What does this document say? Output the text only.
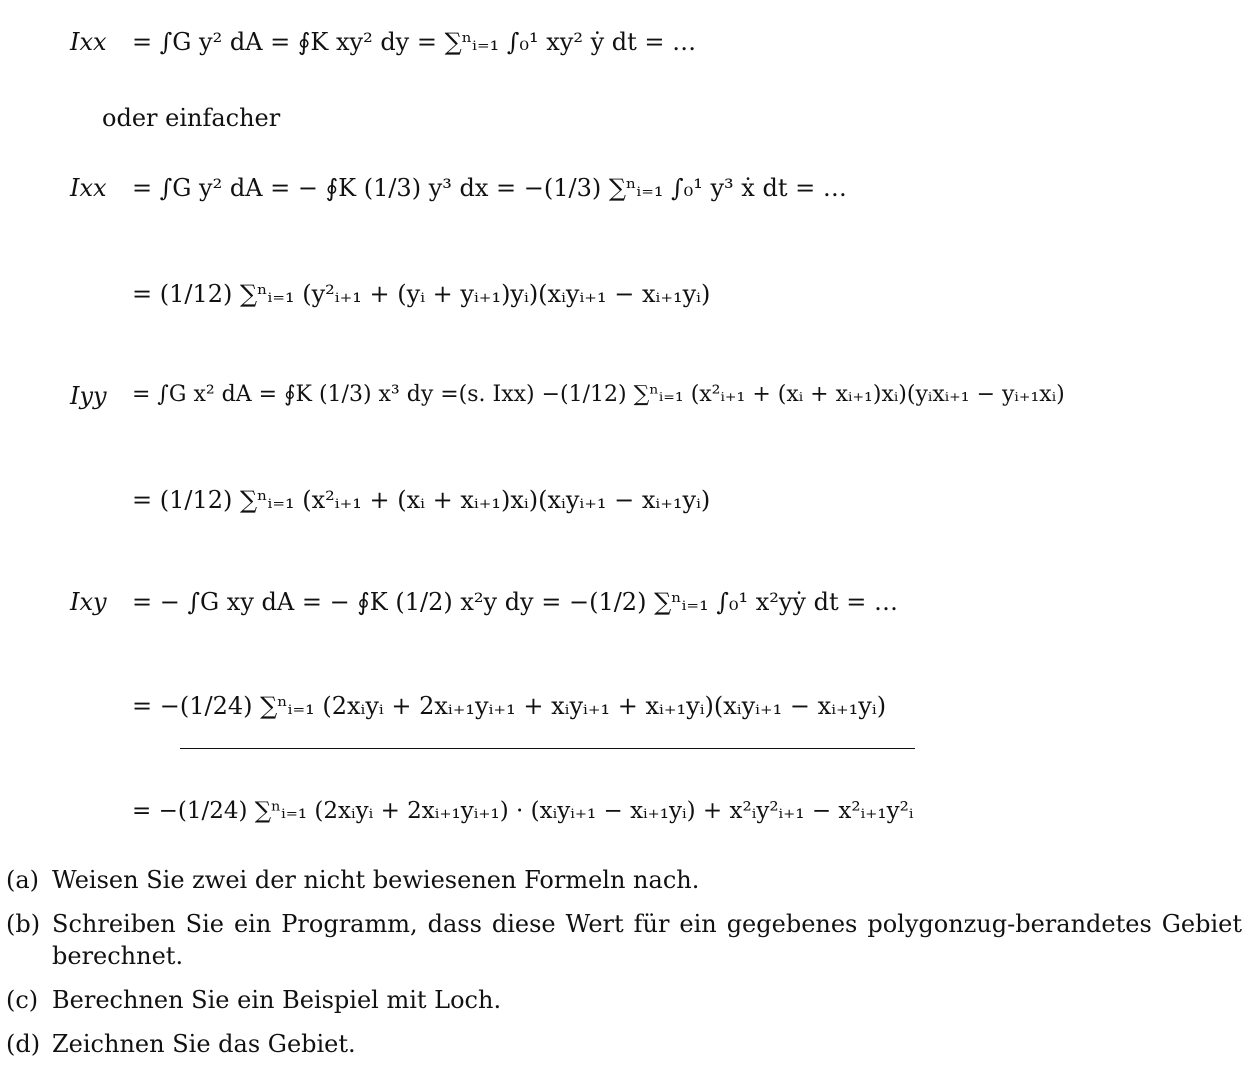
Ixx = ∫G y² dA = ∮K xy² dy = ∑ⁿᵢ₌₁ ∫₀¹ xy² ẏ dt = …
oder einfacher
Ixx = ∫G y² dA = − ∮K (1/3) y³ dx = −(1/3) ∑ⁿᵢ₌₁ ∫₀¹ y³ ẋ dt = …
= (1/12) ∑ⁿᵢ₌₁ (y²ᵢ₊₁ + (yᵢ + yᵢ₊₁)yᵢ)(xᵢyᵢ₊₁ − xᵢ₊₁yᵢ)
Iyy = ∫G x² dA = ∮K (1/3) x³ dy =(s. Ixx) −(1/12) ∑ⁿᵢ₌₁ (x²ᵢ₊₁ + (xᵢ + xᵢ₊₁)xᵢ)(yᵢxᵢ₊₁ − yᵢ₊₁xᵢ)
= (1/12) ∑ⁿᵢ₌₁ (x²ᵢ₊₁ + (xᵢ + xᵢ₊₁)xᵢ)(xᵢyᵢ₊₁ − xᵢ₊₁yᵢ)
Ixy = − ∫G xy dA = − ∮K (1/2) x²y dy = −(1/2) ∑ⁿᵢ₌₁ ∫₀¹ x²yẏ dt = …
= −(1/24) ∑ⁿᵢ₌₁ (2xᵢyᵢ + 2xᵢ₊₁yᵢ₊₁ + xᵢyᵢ₊₁ + xᵢ₊₁yᵢ)(xᵢyᵢ₊₁ − xᵢ₊₁yᵢ)
= −(1/24) ∑ⁿᵢ₌₁ (2xᵢyᵢ + 2xᵢ₊₁yᵢ₊₁) · (xᵢyᵢ₊₁ − xᵢ₊₁yᵢ) + x²ᵢy²ᵢ₊₁ − x²ᵢ₊₁y²ᵢ
(a) Weisen Sie zwei der nicht bewiesenen Formeln nach.
(b) Schreiben Sie ein Programm, dass diese Wert für ein gegebenes polygonzug-berandetes Gebiet berechnet.
(c) Berechnen Sie ein Beispiel mit Loch.
(d) Zeichnen Sie das Gebiet.
